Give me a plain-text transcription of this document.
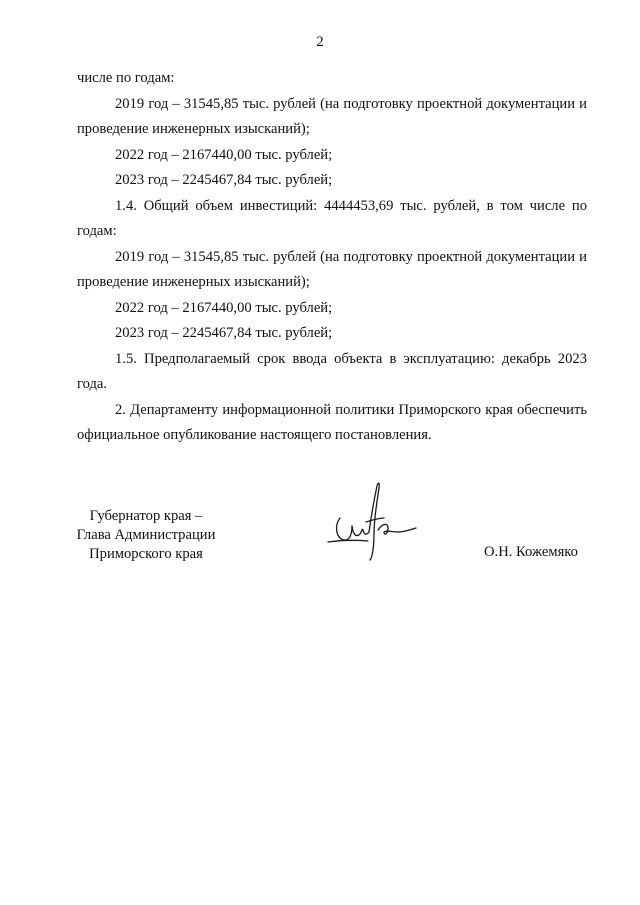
2

числе по годам:

2019 год – 31545,85 тыс. рублей (на подготовку проектной документации и проведение инженерных изысканий);

2022 год – 2167440,00 тыс. рублей;

2023 год – 2245467,84 тыс. рублей;

1.4. Общий объем инвестиций: 4444453,69 тыс. рублей, в том числе по годам:

2019 год – 31545,85 тыс. рублей (на подготовку проектной документации и проведение инженерных изысканий);

2022 год – 2167440,00 тыс. рублей;

2023 год – 2245467,84 тыс. рублей;

1.5. Предполагаемый срок ввода объекта в эксплуатацию: декабрь 2023 года.

2. Департаменту информационной политики Приморского края обеспечить официальное опубликование настоящего постановления.

Губернатор края –
Глава Администрации
Приморского края	О.Н. Кожемяко
